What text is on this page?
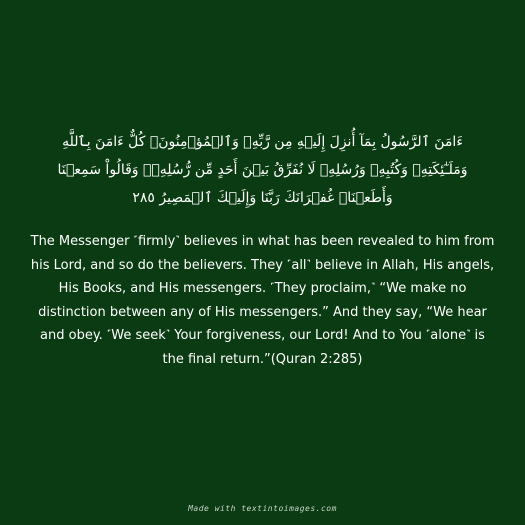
ءَامَنَ ٱلرَّسُولُ بِمَآ أُنزِلَ إِلَيۡهِ مِن رَّبِّهِۦ وَٱلۡمُؤۡمِنُونَۚ كُلٌّ ءَامَنَ بِٱللَّهِ وَمَلَـٰٓئِكَتِهِۦ وَكُتُبِهِۦ وَرُسُلِهِۦ لَا نُفَرِّقُ بَيۡنَ أَحَدٍ مِّن رُّسُلِهِۦۚ وَقَالُواْ سَمِعۡنَا وَأَطَعۡنَاۖ غُفۡرَانَكَ رَبَّنَا وَإِلَيۡكَ ٱلۡمَصِيرُ ٢٨٥
The Messenger ˹firmly˺ believes in what has been revealed to him from his Lord, and so do the believers. They ˹all˺ believe in Allah, His angels, His Books, and His messengers. ˹They proclaim,˺ “We make no distinction between any of His messengers.” And they say, “We hear and obey. ˹We seek˺ Your forgiveness, our Lord! And to You ˹alone˺ is the final return.”(Quran 2:285)
Made with textintoimages.com
